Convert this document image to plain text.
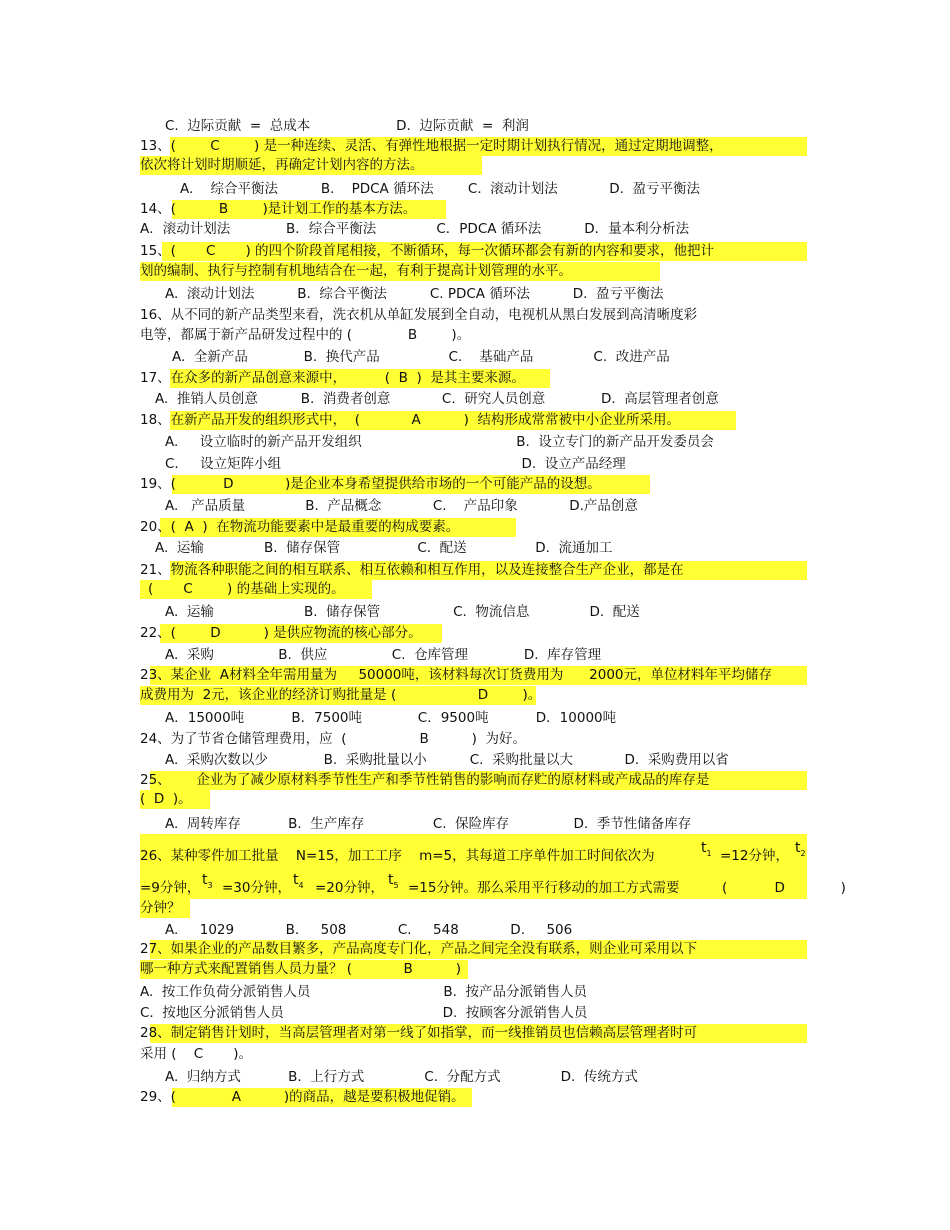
C.  边际贡献  =  总成本                    D.  边际贡献  =  利润
13、(        C        ) 是一种连续、灵活、有弹性地根据一定时期计划执行情况，通过定期地调整，
依次将计划时期顺延，再确定计划内容的方法。
A.    综合平衡法          B.    PDCA 循环法        C.  滚动计划法            D.  盈亏平衡法
14、(          B        )是计划工作的基本方法。
A．滚动计划法             B．综合平衡法              C．PDCA 循环法          D．量本利分析法
15、(       C       ) 的四个阶段首尾相接，不断循环，每一次循环都会有新的内容和要求，他把计
划的编制、执行与控制有机地结合在一起，有利于提高计划管理的水平。
A.  滚动计划法          B.  综合平衡法          C. PDCA 循环法          D.  盈亏平衡法
16、从不同的新产品类型来看，洗衣机从单缸发展到全自动，电视机从黑白发展到高清晰度彩
电等，都属于新产品研发过程中的 (             B        )。
A.  全新产品             B.  换代产品                C.    基础产品              C.  改进产品
17、在众多的新产品创意来源中，         (  B  )  是其主要来源。
A.  推销人员创意          B.  消费者创意            C.  研究人员创意             D.  高层管理者创意
18、在新产品开发的组织形式中，  (            A          )  结构形成常常被中小企业所采用。
A.     设立临时的新产品开发组织                                    B.  设立专门的新产品开发委员会
C.     设立矩阵小组                                                        D.  设立产品经理
19、(           D            )是企业本身希望提供给市场的一个可能产品的设想。
A.   产品质量              B.  产品概念            C.    产品印象            D.产品创意
20、(  A  )  在物流功能要素中是最重要的构成要素。
A.  运输              B.  储存保管                  C.  配送                D.  流通加工
21、物流各种职能之间的相互联系、相互依赖和相互作用，以及连接整合生产企业，都是在
(       C        ) 的基础上实现的。
A.  运输                     B.  储存保管                 C.  物流信息              D.  配送
22、(        D          ) 是供应物流的核心部分。
A.  采购               B.  供应               C.  仓库管理             D.  库存管理
23、某企业  A材料全年需用量为     50000吨，该材料每次订货费用为      2000元，单位材料年平均储存
成费用为  2元，该企业的经济订购批量是 (                   D        )。
A．15000吨           B．7500吨             C．9500吨           D．10000吨
24、为了节省仓储管理费用，应  (                 B          )  为好。
A.  采购次数以少             B.  采购批量以小          C.  采购批量以大            D.  采购费用以省
25、      企业为了减少原材料季节性生产和季节性销售的影响而存贮的原材料或产成品的库存是
(  D  )。
A.  周转库存           B.  生产库存                C.  保险库存               D.  季节性储备库存
26、某种零件加工批量    N=15，加工工序    m=5，其每道工序单件加工时间依次为	$t_1 =12$分钟， $t_2$
=9分钟， $t_3 =30$分钟， $t_4 =20$分钟， $t_5 =15$分钟。那么采用平行移动的加工方式需要	(           D             )
分钟？
A.     1029            B.     508            C.     548            D.     506
27、如果企业的产品数目繁多，产品高度专门化，产品之间完全没有联系，则企业可采用以下
哪一种方式来配置销售人员力量？ (            B          )
A.  按工作负荷分派销售人员                               B.  按产品分派销售人员
C.  按地区分派销售人员                                     D.  按顾客分派销售人员
28、制定销售计划时，当高层管理者对第一线了如指掌，而一线推销员也信赖高层管理者时可
采用 (    C       )。
A.  归纳方式           B.  上行方式              C.  分配方式              D.  传统方式
29、(             A          )的商品，越是要积极地促销。
